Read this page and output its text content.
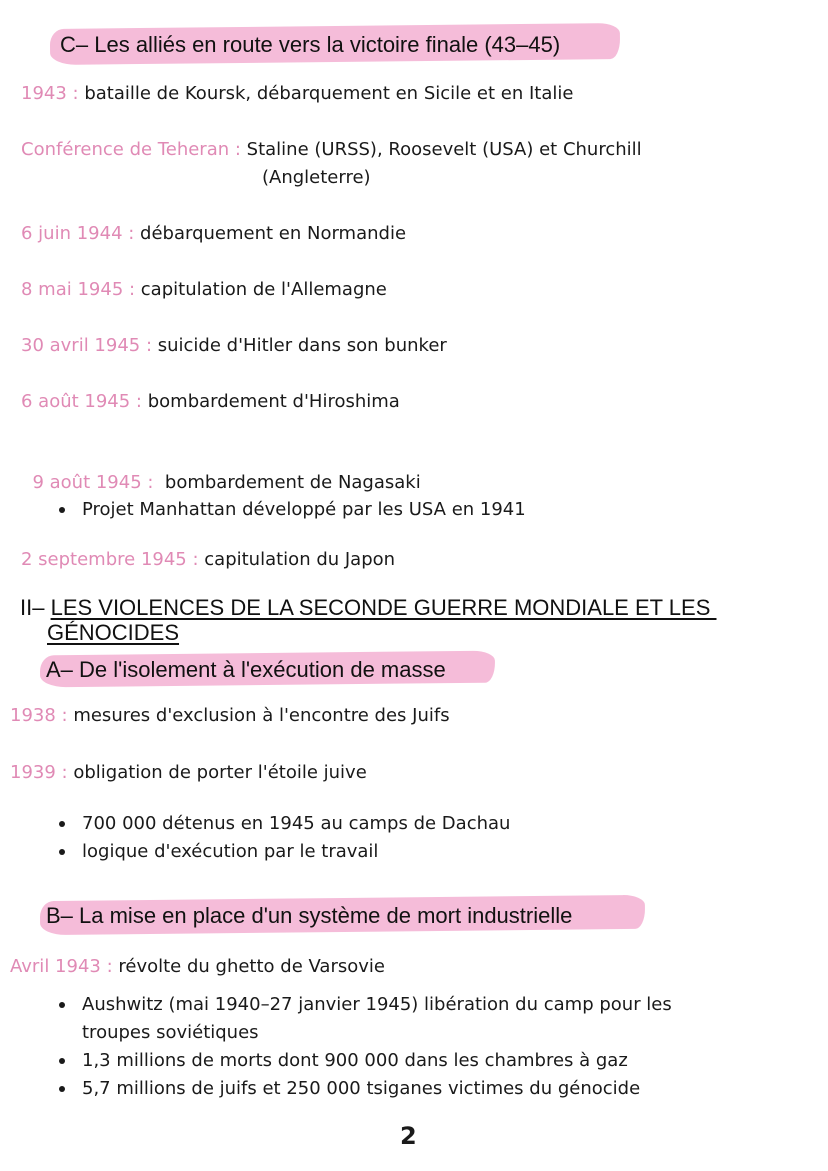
C– Les alliés en route vers la victoire finale (43–45)
1943 : bataille de Koursk, débarquement en Sicile et en Italie
Conférence de Teheran : Staline (URSS), Roosevelt (USA) et Churchill
(Angleterre)
6 juin 1944 : débarquement en Normandie
8 mai 1945 : capitulation de l'Allemagne
30 avril 1945 : suicide d'Hitler dans son bunker
6 août 1945 : bombardement d'Hiroshima

9 août 1945 :  bombardement de Nagasaki

Projet Manhattan développé par les USA en 1941
2 septembre 1945 : capitulation du Japon
II– LES VIOLENCES DE LA SECONDE GUERRE MONDIALE ET LES
GÉNOCIDES
A– De l'isolement à l'exécution de masse
1938 : mesures d'exclusion à l'encontre des Juifs
1939 : obligation de porter l'étoile juive
700 000 détenus en 1945 au camps de Dachau
logique d'exécution par le travail
B– La mise en place d'un système de mort industrielle
Avril 1943 : révolte du ghetto de Varsovie
Aushwitz (mai 1940–27 janvier 1945) libération du camp pour les
troupes soviétiques
1,3 millions de morts dont 900 000 dans les chambres à gaz
5,7 millions de juifs et 250 000 tsiganes victimes du génocide
2
